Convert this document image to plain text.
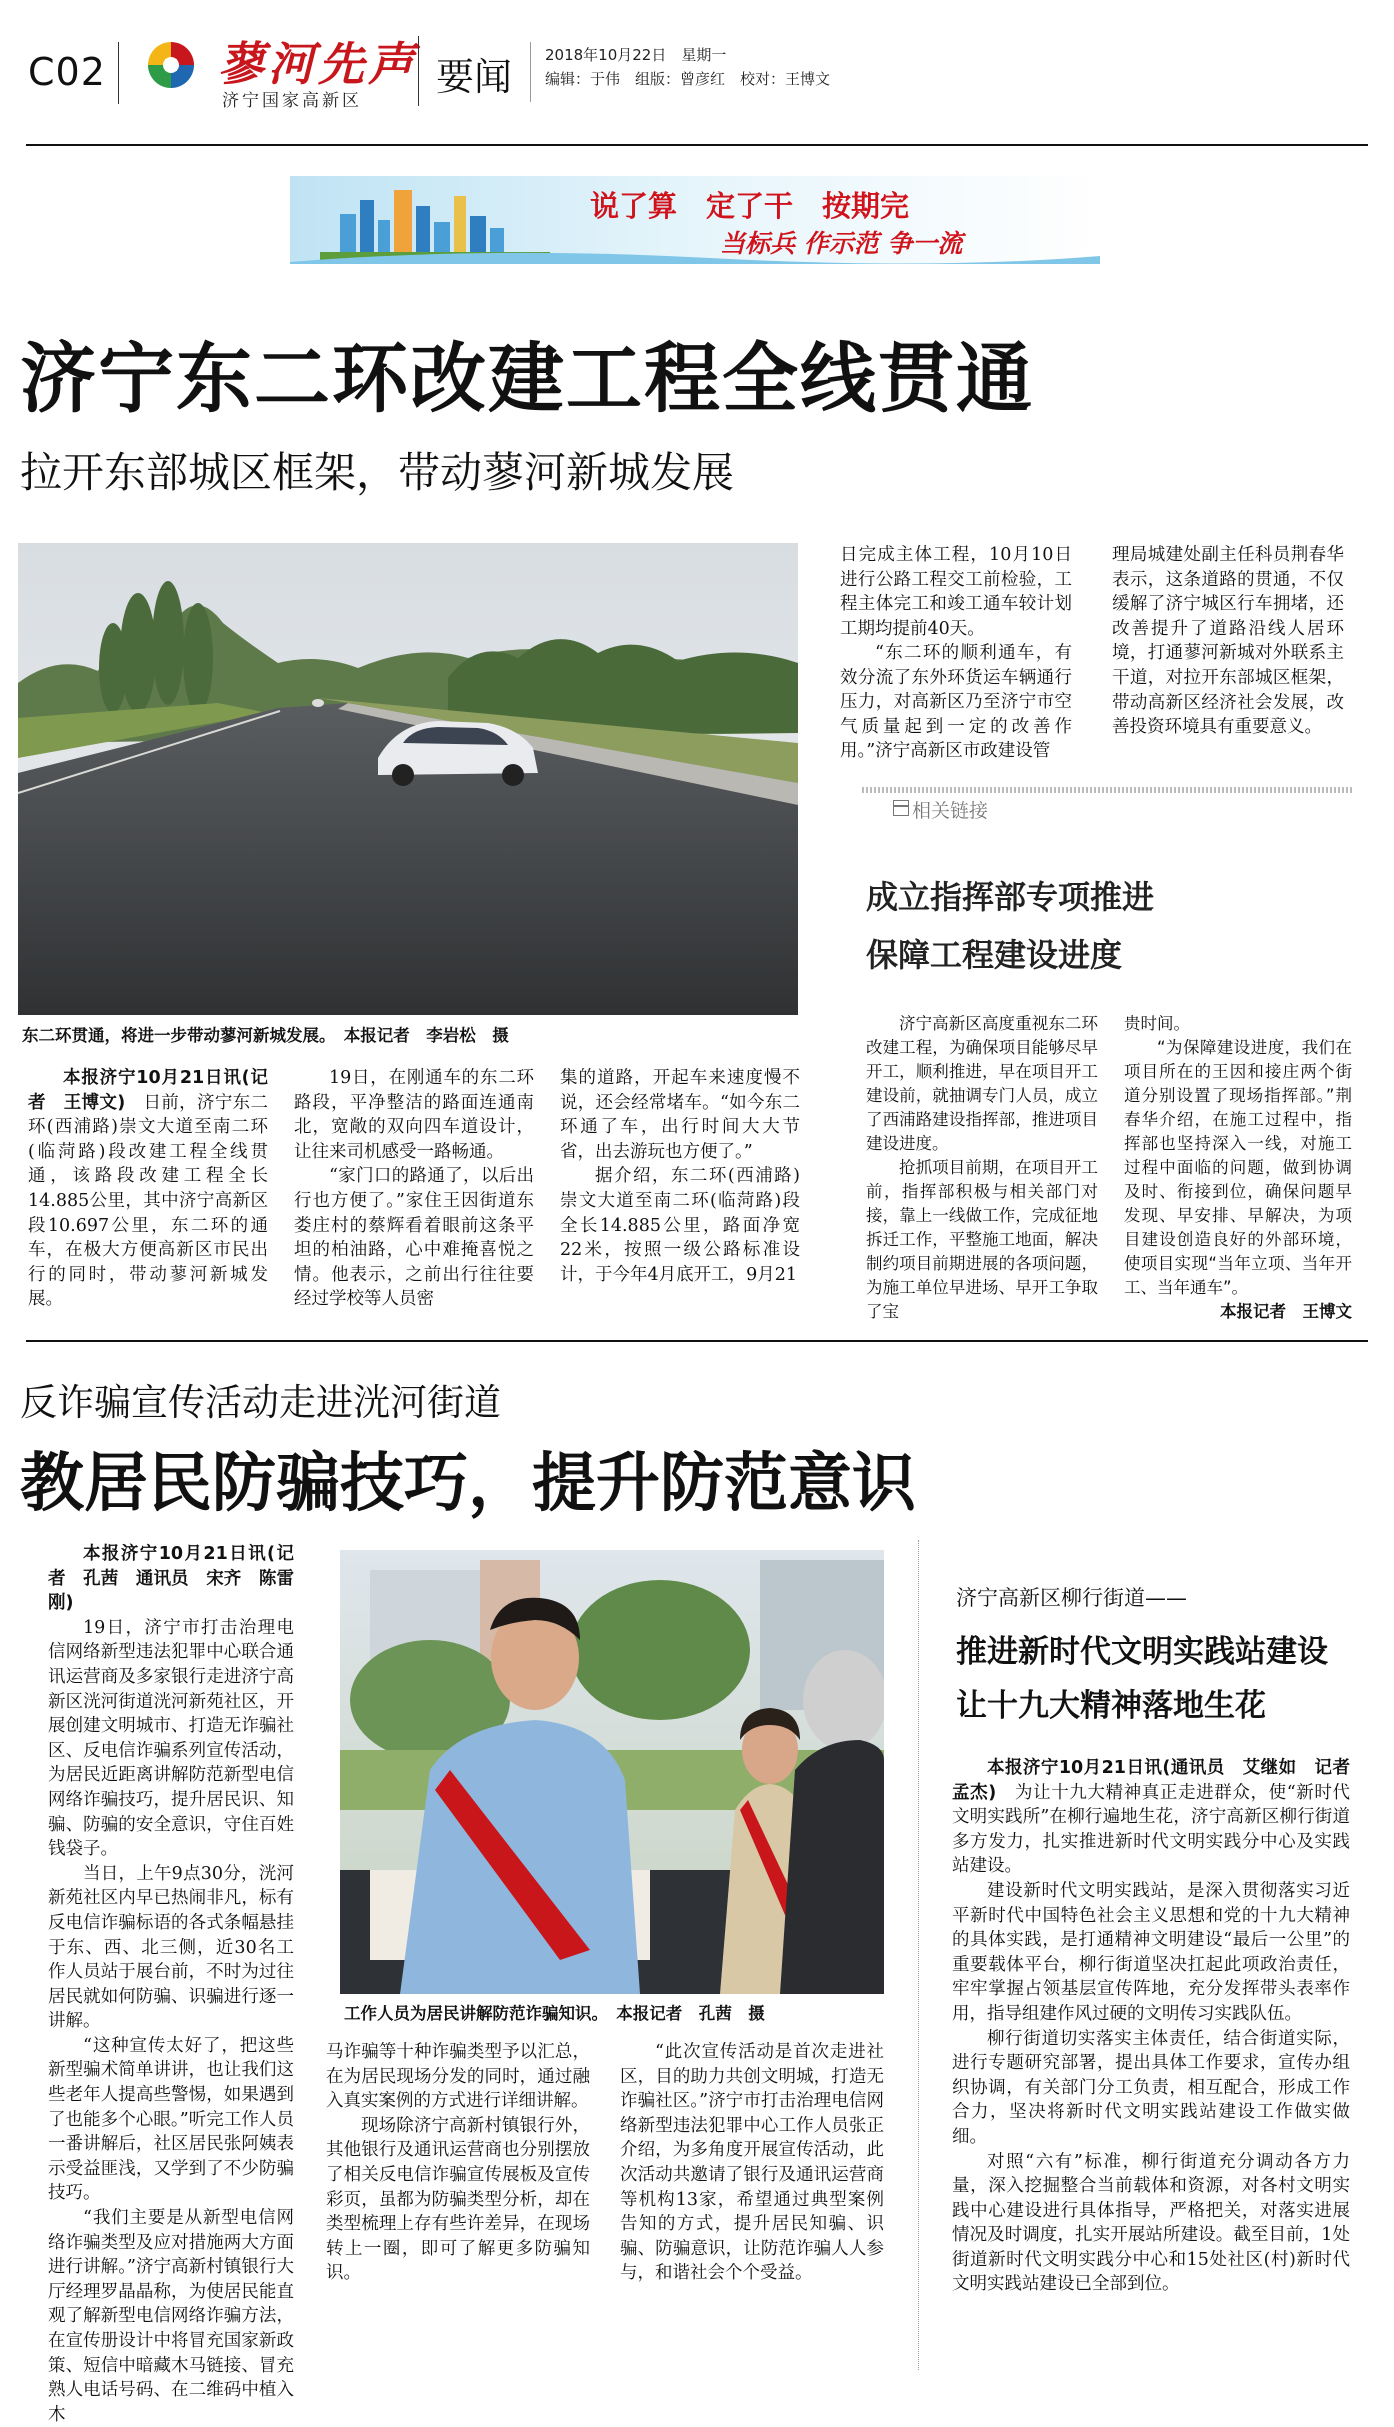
C02 蓼河先声
济宁国家高新区
要闻 2018年10月22日　星期一
编辑：于伟　组版：曾彦红　校对：王博文
说了算　定了干　按期完
当标兵 作示范 争一流
济宁东二环改建工程全线贯通
拉开东部城区框架，带动蓼河新城发展
东二环贯通，将进一步带动蓼河新城发展。　本报记者　李岩松　摄

日完成主体工程，10月10日进行公路工程交工前检验，工程主体完工和竣工通车较计划工期均提前40天。

“东二环的顺利通车，有效分流了东外环货运车辆通行压力，对高新区乃至济宁市空气质量起到一定的改善作用。”济宁高新区市政建设管

理局城建处副主任科员荆春华表示，这条道路的贯通，不仅缓解了济宁城区行车拥堵，还改善提升了道路沿线人居环境，打通蓼河新城对外联系主干道，对拉开东部城区框架，带动高新区经济社会发展，改善投资环境具有重要意义。

相关链接
成立指挥部专项推进
保障工程建设进度

济宁高新区高度重视东二环改建工程，为确保项目能够尽早开工，顺利推进，早在项目开工建设前，就抽调专门人员，成立了西浦路建设指挥部，推进项目建设进度。

抢抓项目前期，在项目开工前，指挥部积极与相关部门对接，靠上一线做工作，完成征地拆迁工作，平整施工地面，解决制约项目前期进展的各项问题，为施工单位早进场、早开工争取了宝

贵时间。

“为保障建设进度，我们在项目所在的王因和接庄两个街道分别设置了现场指挥部。”荆春华介绍，在施工过程中，指挥部也坚持深入一线，对施工过程中面临的问题，做到协调及时、衔接到位，确保问题早发现、早安排、早解决，为项目建设创造良好的外部环境，使项目实现“当年立项、当年开工、当年通车”。

本报记者　王博文

本报济宁10月21日讯(记者　王博文)　 日前，济宁东二环(西浦路)崇文大道至南二环(临菏路)段改建工程全线贯通，该路段改建工程全长14.885公里，其中济宁高新区段10.697公里，东二环的通车，在极大方便高新区市民出行的同时，带动蓼河新城发展。

19日，在刚通车的东二环路段，平净整洁的路面连通南北，宽敞的双向四车道设计，让往来司机感受一路畅通。

“家门口的路通了，以后出行也方便了。”家住王因街道东娄庄村的蔡辉看着眼前这条平坦的柏油路，心中难掩喜悦之情。他表示，之前出行往往要经过学校等人员密

集的道路，开起车来速度慢不说，还会经常堵车。“如今东二环通了车，出行时间大大节省，出去游玩也方便了。”

据介绍，东二环(西浦路)崇文大道至南二环(临菏路)段全长14.885公里，路面净宽22米，按照一级公路标准设计，于今年4月底开工，9月21

反诈骗宣传活动走进洸河街道
教居民防骗技巧，提升防范意识

本报济宁10月21日讯(记者　孔茜　通讯员　宋齐　陈雷刚)

19日，济宁市打击治理电信网络新型违法犯罪中心联合通讯运营商及多家银行走进济宁高新区洸河街道洸河新苑社区，开展创建文明城市、打造无诈骗社区、反电信诈骗系列宣传活动，为居民近距离讲解防范新型电信网络诈骗技巧，提升居民识、知骗、防骗的安全意识，守住百姓钱袋子。

当日，上午9点30分，洸河新苑社区内早已热闹非凡，标有反电信诈骗标语的各式条幅悬挂于东、西、北三侧，近30名工作人员站于展台前，不时为过往居民就如何防骗、识骗进行逐一讲解。

“这种宣传太好了，把这些新型骗术简单讲讲，也让我们这些老年人提高些警惕，如果遇到了也能多个心眼。”听完工作人员一番讲解后，社区居民张阿姨表示受益匪浅，又学到了不少防骗技巧。

“我们主要是从新型电信网络诈骗类型及应对措施两大方面进行讲解。”济宁高新村镇银行大厅经理罗晶晶称，为使居民能直观了解新型电信网络诈骗方法，在宣传册设计中将冒充国家新政策、短信中暗藏木马链接、冒充熟人电话号码、在二维码中植入木

工作人员为居民讲解防范诈骗知识。　本报记者　孔茜　摄

马诈骗等十种诈骗类型予以汇总，在为居民现场分发的同时，通过融入真实案例的方式进行详细讲解。

现场除济宁高新村镇银行外，其他银行及通讯运营商也分别摆放了相关反电信诈骗宣传展板及宣传彩页，虽都为防骗类型分析，却在类型梳理上存有些许差异，在现场转上一圈，即可了解更多防骗知识。

“此次宣传活动是首次走进社区，目的助力共创文明城，打造无诈骗社区。”济宁市打击治理电信网络新型违法犯罪中心工作人员张正介绍，为多角度开展宣传活动，此次活动共邀请了银行及通讯运营商等机构13家，希望通过典型案例告知的方式，提升居民知骗、识骗、防骗意识，让防范诈骗人人参与，和谐社会个个受益。

济宁高新区柳行街道——
推进新时代文明实践站建设
让十九大精神落地生花

本报济宁10月21日讯(通讯员　艾继如　记者　孟杰)　 为让十九大精神真正走进群众，使“新时代文明实践所”在柳行遍地生花，济宁高新区柳行街道多方发力，扎实推进新时代文明实践分中心及实践站建设。

建设新时代文明实践站，是深入贯彻落实习近平新时代中国特色社会主义思想和党的十九大精神的具体实践，是打通精神文明建设“最后一公里”的重要载体平台，柳行街道坚决扛起此项政治责任，牢牢掌握占领基层宣传阵地，充分发挥带头表率作用，指导组建作风过硬的文明传习实践队伍。

柳行街道切实落实主体责任，结合街道实际，进行专题研究部署，提出具体工作要求，宣传办组织协调，有关部门分工负责，相互配合，形成工作合力，坚决将新时代文明实践站建设工作做实做细。

对照“六有”标准，柳行街道充分调动各方力量，深入挖掘整合当前载体和资源，对各村文明实践中心建设进行具体指导，严格把关，对落实进展情况及时调度，扎实开展站所建设。截至目前，1处街道新时代文明实践分中心和15处社区(村)新时代文明实践站建设已全部到位。
